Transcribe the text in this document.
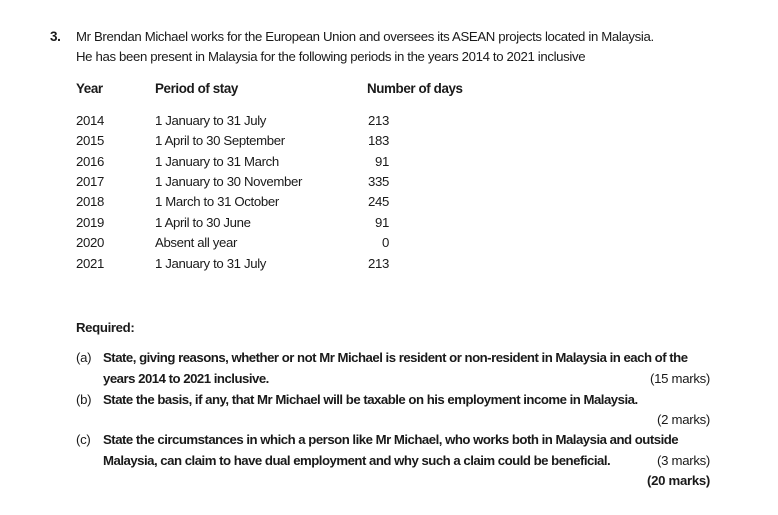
3. Mr Brendan Michael works for the European Union and oversees its ASEAN projects located in Malaysia.
He has been present in Malaysia for the following periods in the years 2014 to 2021 inclusive
Year	Period of stay	Number of days
2014	1 January to 31 July	213
2015	1 April to 30 September	183
2016	1 January to 31 March	91
2017	1 January to 30 November	335
2018	1 March to 31 October	245
2019	1 April to 30 June	91
2020	Absent all year	0
2021	1 January to 31 July	213
Required:
(a) State, giving reasons, whether or not Mr Michael is resident or non-resident in Malaysia in each of the
years 2014 to 2021 inclusive.	(15 marks)
(b) State the basis, if any, that Mr Michael will be taxable on his employment income in Malaysia.
(2 marks)
(c) State the circumstances in which a person like Mr Michael, who works both in Malaysia and outside
Malaysia, can claim to have dual employment and why such a claim could be beneficial.	(3 marks)
(20 marks)
